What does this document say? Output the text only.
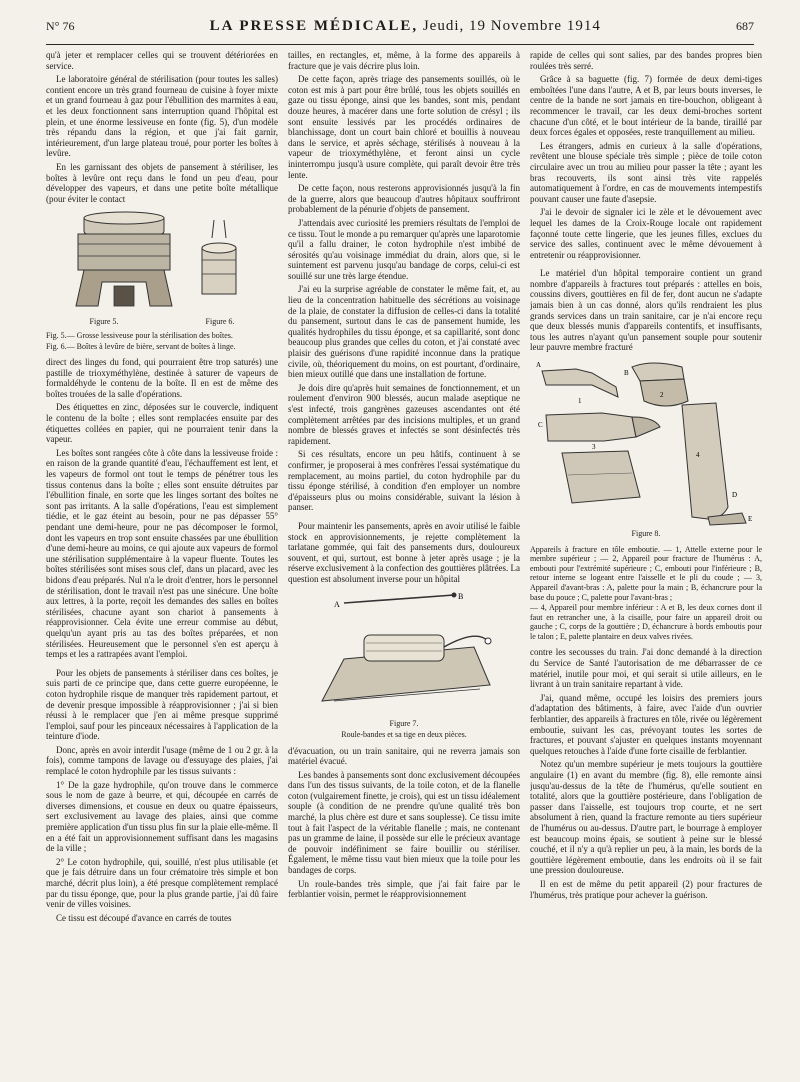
N° 76	LA PRESSE MÉDICALE, Jeudi, 19 Novembre 1914	687

qu'à jeter et remplacer celles qui se trouvent détériorées en service.

Le laboratoire général de stérilisation (pour toutes les salles) contient encore un très grand fourneau de cuisine à foyer mixte et un grand fourneau à gaz pour l'ébullition des marmites à eau, et les deux fonctionnent sans interruption quand l'hôpital est plein, et une énorme lessiveuse en fonte (fig. 5), d'un modèle très répandu dans la région, et que j'ai fait garnir, intérieurement, d'un large plateau troué, pour porter les boîtes à levûre.

En les garnissant des objets de pansement à stériliser, les boîtes à levûre ont reçu dans le fond un peu d'eau, pour développer des vapeurs, et dans une petite boîte métallique (pour éviter le contact

Figure 5.	Figure 6.
Fig. 5.— Grosse lessiveuse pour la stérilisation des boîtes.
Fig. 6.— Boîtes à levûre de bière, servant de boîtes à linge.

direct des linges du fond, qui pourraient être trop saturés) une pastille de trioxyméthylène, destinée à saturer de vapeurs de formaldéhyde le contenu de la boîte. Il en est de même des boîtes trouées de la salle d'opérations.

Des étiquettes en zinc, déposées sur le couvercle, indiquent le contenu de la boîte ; elles sont remplacées ensuite par des étiquettes collées en papier, qui ne pourraient tenir dans la vapeur.

Les boîtes sont rangées côte à côte dans la lessiveuse froide : en raison de la grande quantité d'eau, l'échauffement est lent, et les vapeurs de formol ont tout le temps de pénétrer tous les tissus contenus dans la boîte ; elles sont ensuite détruites par l'ébullition finale, en sorte que les linges sortant des boîtes ne sont pas irritants. A la salle d'opérations, l'eau est simplement tiédie, et le gaz éteint au besoin, pour ne pas dépasser 55° pendant une demi-heure, pour ne pas décomposer le formol, dont les vapeurs en trop sont ensuite chassées par une ébullition d'une demi-heure au moins, ce qui ajoute aux vapeurs de formol une stérilisation supplémentaire à la vapeur fluente. Toutes les boîtes stérilisées sont mises sous clef, dans un placard, avec les bidons d'eau préparés. Nul n'a le droit d'entrer, hors le personnel de stérilisation, dont le travail n'est pas une sinécure. Une boîte aux lettres, à la porte, reçoit les demandes des salles en boîtes stérilisées, chacune ayant son chariot à pansements à réapprovisionner. Cela évite une erreur commise au début, quelqu'un ayant pris au tas des boîtes préparées, et non stérilisées. Heureusement que le personnel s'en est aperçu à temps et les a rattrapées avant l'emploi.

Pour les objets de pansements à stériliser dans ces boîtes, je suis parti de ce principe que, dans cette guerre européenne, le coton hydrophile risque de manquer très rapidement partout, et de devenir presque impossible à réapprovisionner ; j'ai si bien réussi à le remplacer que j'en ai même presque supprimé l'emploi, sauf pour les pinceaux nécessaires à l'application de la teinture d'iode.

Donc, après en avoir interdit l'usage (même de 1 ou 2 gr. à la fois), comme tampons de lavage ou d'essuyage des plaies, j'ai remplacé le coton hydrophile par les tissus suivants :

1° De la gaze hydrophile, qu'on trouve dans le commerce sous le nom de gaze à beurre, et qui, découpée en carrés de diverses dimensions, et cousue en deux ou quatre épaisseurs, sert exclusivement au lavage des plaies, ainsi que comme première application d'un tissu plus fin sur la plaie elle-même. Il en a été fait un approvisionnement suffisant dans les magasins de la ville ;

2° Le coton hydrophile, qui, souillé, n'est plus utilisable (et que je fais détruire dans un four crématoire très simple et bon marché, décrit plus loin), a été presque complètement remplacé par du tissu éponge, que, pour la plus grande partie, j'ai dû faire venir de villes voisines.

Ce tissu est découpé d'avance en carrés de toutes

tailles, en rectangles, et, même, à la forme des appareils à fracture que je vais décrire plus loin.

De cette façon, après triage des pansements souillés, où le coton est mis à part pour être brûlé, tous les objets souillés en gaze ou tissu éponge, ainsi que les bandes, sont mis, pendant douze heures, à macérer dans une forte solution de crésyl ; ils sont ensuite lessivés par les procédés ordinaires de blanchissage, dont un court bain chloré et bouillis à nouveau dans le service, et après séchage, stérilisés à nouveau à la vapeur de trioxyméthylène, et feront ainsi un cycle ininterrompu jusqu'à usure complète, qui paraît devoir être très lente.

De cette façon, nous resterons approvisionnés jusqu'à la fin de la guerre, alors que beaucoup d'autres hôpitaux souffriront probablement de la pénurie d'objets de pansement.

J'attendais avec curiosité les premiers résultats de l'emploi de ce tissu. Tout le monde a pu remarquer qu'après une laparotomie qu'il a fallu drainer, le coton hydrophile n'est imbibé de sérosités qu'au voisinage immédiat du drain, alors que, si le suintement est parvenu jusqu'au bandage de corps, celui-ci est souillé sur une très large étendue.

J'ai eu la surprise agréable de constater le même fait, et, au lieu de la concentration habituelle des sécrétions au voisinage de la plaie, de constater la diffusion de celles-ci dans la totalité du pansement, surtout dans le cas de pansement humide, les qualités hydrophiles du tissu éponge, et sa capillarité, sont donc beaucoup plus grandes que celles du coton, et j'ai constaté avec plaisir des guérisons d'une rapidité inconnue dans la pratique civile, où, théoriquement du moins, on est pourtant, d'ordinaire, bien mieux outillé que dans une installation de fortune.

Je dois dire qu'après huit semaines de fonctionnement, et un roulement d'environ 900 blessés, aucun malade aseptique ne s'est infecté, trois gangrènes gazeuses ascendantes ont été complètement arrêtées par des incisions multiples, et un grand nombre de blessés graves et infectés se sont désinfectés très rapidement.

Si ces résultats, encore un peu hâtifs, continuent à se confirmer, je proposerai à mes confrères l'essai systématique du remplacement, au moins partiel, du coton hydrophile par du tissu éponge stérilisé, à condition d'en employer un nombre d'épaisseurs plus ou moins considérable, suivant la lésion à panser.

Pour maintenir les pansements, après en avoir utilisé le faible stock en approvisionnements, je rejette complètement la tarlatane gommée, qui fait des pansements durs, douloureux souvent, et qui, surtout, est bonne à jeter après usage ; je la réserve exclusivement à la confection des gouttières plâtrées. La question est absolument inverse pour un hôpital

A
B
Figure 7.
Roule-bandes et sa tige en deux pièces.

d'évacuation, ou un train sanitaire, qui ne reverra jamais son matériel évacué.

Les bandes à pansements sont donc exclusivement découpées dans l'un des tissus suivants, de la toile coton, et de la flanelle coton (vulgairement finette, je crois), qui est un tissu idéalement souple (à condition de ne prendre qu'une qualité très bon marché, la plus chère est dure et sans souplesse). Ce tissu imite tout à fait l'aspect de la véritable flanelle ; mais, ne contenant pas un gramme de laine, il possède sur elle le précieux avantage de pouvoir indéfiniment se faire bouillir ou stériliser. Également, le même tissu vaut bien mieux que la toile pour les bandages de corps.

Un roule-bandes très simple, que j'ai fait faire par le ferblantier voisin, permet le réapprovisionnement

rapide de celles qui sont salies, par des bandes propres bien roulées très serré.

Grâce à sa baguette (fig. 7) formée de deux demi-tiges emboîtées l'une dans l'autre, A et B, par leurs bouts inverses, le centre de la bande ne sort jamais en tire-bouchon, obligeant à recommencer le travail, car les deux demi-broches sortent chacune d'un côté, et le bout intérieur de la bande, tiraillé par deux forces égales et opposées, reste tranquillement au milieu.

Les étrangers, admis en curieux à la salle d'opérations, revêtent une blouse spéciale très simple ; pièce de toile coton circulaire avec un trou au milieu pour passer la tête ; ayant les bras recouverts, ils sont ainsi très vite rappelés automatiquement à l'ordre, en cas de mouvements intempestifs pouvant causer une faute d'asepsie.

J'ai le devoir de signaler ici le zèle et le dévouement avec lequel les dames de la Croix-Rouge locale ont rapidement façonné toute cette lingerie, que les jeunes filles, exclues du service des salles, continuent avec le même dévouement à entretenir ou réapprovisionner.

Le matériel d'un hôpital temporaire contient un grand nombre d'appareils à fractures tout préparés : attelles en bois, coussins divers, gouttières en fil de fer, dont aucun ne s'adapte jamais bien à un cas donné, alors qu'ils rendraient les plus grands services dans un train sanitaire, car je n'ai encore reçu que deux blessés munis d'appareils contentifs, et insuffisants, tous les autres n'ayant qu'un pansement souple pour soutenir leur pauvre membre fracturé

A
B
C
D
E
1
2
3
4
Figure 8.
Appareils à fracture en tôle emboutie. — 1, Attelle externe pour le membre supérieur ; — 2, Appareil pour fracture de l'humérus : A, embouti pour l'extrémité supérieure ; C, embouti pour l'inférieure ; B, retour interne se logeant entre l'aisselle et le pli du coude ; — 3, Appareil d'avant-bras : A, palette pour la main ; B, échancrure pour la base du pouce ; C, palette pour l'avant-bras ;
— 4, Appareil pour membre inférieur : A et B, les deux cornes dont il faut en retrancher une, à la cisaille, pour faire un appareil droit ou gauche ; C, corps de la gouttière ; D, échancrure à bords emboutis pour le talon ; E, palette plantaire en deux valves rivées.

contre les secousses du train. J'ai donc demandé à la direction du Service de Santé l'autorisation de me débarrasser de ce matériel, inutile pour moi, et qui serait si utile ailleurs, en le livrant à un train sanitaire repartant à vide.

J'ai, quand même, occupé les loisirs des premiers jours d'adaptation des bâtiments, à faire, avec l'aide d'un ouvrier ferblantier, des appareils à fractures en tôle, rivée ou légèrement emboutie, suivant les cas, prévoyant toutes les sortes de fractures, et pouvant s'ajuster en quelques instants moyennant quelques retouches à l'aide d'une forte cisaille de ferblantier.

Notez qu'un membre supérieur je mets toujours la gouttière angulaire (1) en avant du membre (fig. 8), elle remonte ainsi jusqu'au-dessus de la tête de l'humérus, qu'elle soutient en totalité, alors que la gouttière postérieure, dans l'obligation de passer dans l'aisselle, est toujours trop courte, et ne sert absolument à rien, quand la fracture remonte au tiers supérieur de l'humérus ou au-dessus. D'autre part, le bourrage à employer est beaucoup moins épais, se soutient à peine sur le blessé couché, et il n'y a qu'à replier un peu, à la main, les bords de la gouttière légèrement emboutie, dans les endroits où il se fait une pression douloureuse.

Il en est de même du petit appareil (2) pour fractures de l'humérus, très pratique pour achever la guérison.
